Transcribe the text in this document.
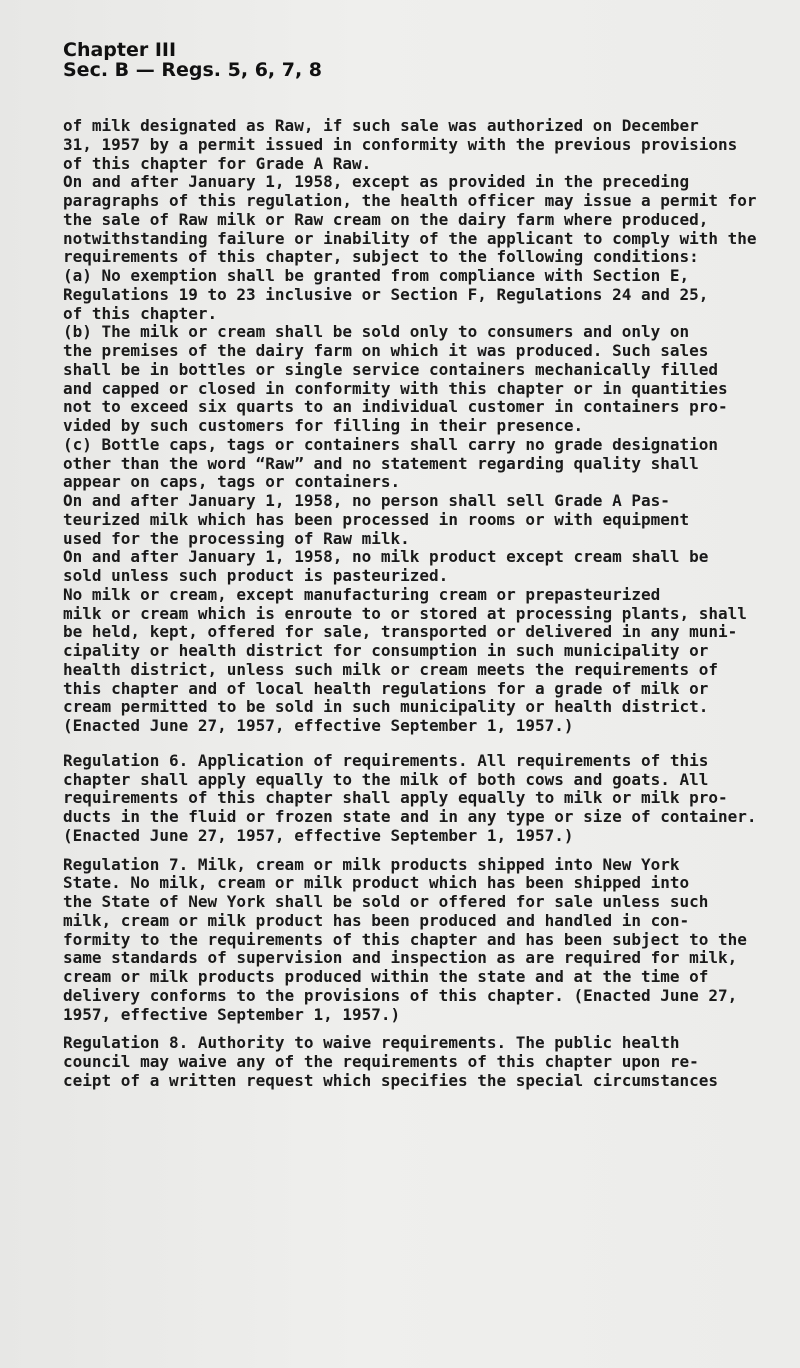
Chapter III
Sec. B — Regs. 5, 6, 7, 8
of milk designated as Raw, if such sale was authorized on December
31, 1957 by a permit issued in conformity with the previous provisions
of this chapter for Grade A Raw.
On and after January 1, 1958, except as provided in the preceding
paragraphs of this regulation, the health officer may issue a permit for
the sale of Raw milk or Raw cream on the dairy farm where produced,
notwithstanding failure or inability of the applicant to comply with the
requirements of this chapter, subject to the following conditions:
(a) No exemption shall be granted from compliance with Section E,
Regulations 19 to 23 inclusive or Section F, Regulations 24 and 25,
of this chapter.
(b) The milk or cream shall be sold only to consumers and only on
the premises of the dairy farm on which it was produced. Such sales
shall be in bottles or single service containers mechanically filled
and capped or closed in conformity with this chapter or in quantities
not to exceed six quarts to an individual customer in containers pro-
vided by such customers for filling in their presence.
(c) Bottle caps, tags or containers shall carry no grade designation
other than the word “Raw” and no statement regarding quality shall
appear on caps, tags or containers.
On and after January 1, 1958, no person shall sell Grade A Pas-
teurized milk which has been processed in rooms or with equipment
used for the processing of Raw milk.
On and after January 1, 1958, no milk product except cream shall be
sold unless such product is pasteurized.
No milk or cream, except manufacturing cream or prepasteurized
milk or cream which is enroute to or stored at processing plants, shall
be held, kept, offered for sale, transported or delivered in any muni-
cipality or health district for consumption in such municipality or
health district, unless such milk or cream meets the requirements of
this chapter and of local health regulations for a grade of milk or
cream permitted to be sold in such municipality or health district.
(Enacted June 27, 1957, effective September 1, 1957.)
Regulation 6. Application of requirements. All requirements of this
chapter shall apply equally to the milk of both cows and goats. All
requirements of this chapter shall apply equally to milk or milk pro-
ducts in the fluid or frozen state and in any type or size of container.
(Enacted June 27, 1957, effective September 1, 1957.)
Regulation 7. Milk, cream or milk products shipped into New York
State. No milk, cream or milk product which has been shipped into
the State of New York shall be sold or offered for sale unless such
milk, cream or milk product has been produced and handled in con-
formity to the requirements of this chapter and has been subject to the
same standards of supervision and inspection as are required for milk,
cream or milk products produced within the state and at the time of
delivery conforms to the provisions of this chapter. (Enacted June 27,
1957, effective September 1, 1957.)
Regulation 8. Authority to waive requirements. The public health
council may waive any of the requirements of this chapter upon re-
ceipt of a written request which specifies the special circumstances
